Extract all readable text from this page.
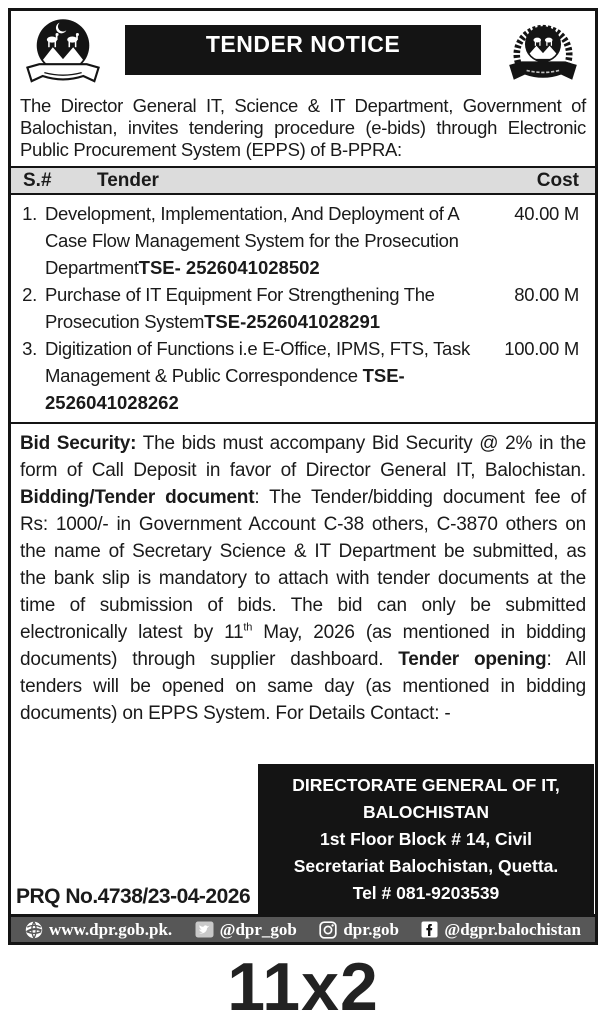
TENDER NOTICE

The Director General IT, Science & IT Department, Government of Balochistan, invites tendering procedure (e-bids) through Electronic Public Procurement System (EPPS) of B-PPRA:

S.#	Tender	Cost
1. Development, Implementation, And Deployment of A Case Flow Management System for the Prosecution DepartmentTSE- 2526041028502
40.00 M
2. Purchase of IT Equipment For Strengthening The Prosecution SystemTSE-2526041028291
80.00 M
3. Digitization of Functions i.e E-Office, IPMS, FTS, Task Management & Public Correspondence TSE-2526041028262
100.00 M

Bid Security: The bids must accompany Bid Security @ 2% in the form of Call Deposit in favor of Director General IT, Balochistan. Bidding/Tender document: The Tender/bidding document fee of Rs: 1000/- in Government Account C-38 others, C-3870 others on the name of Secretary Science & IT Department be submitted, as the bank slip is mandatory to attach with tender documents at the time of submission of bids. The bid can only be submitted electronically latest by 11th May, 2026 (as mentioned in bidding documents) through supplier dashboard. Tender opening: All tenders will be opened on same day (as mentioned in bidding documents) on EPPS System. For Details Contact: -

PRQ No.4738/23-04-2026
DIRECTORATE GENERAL OF IT,
BALOCHISTAN
1st Floor Block # 14, Civil
Secretariat Balochistan, Quetta.
Tel # 081-9203539
www.dpr.gob.pk.	@dpr_gob	dpr.gob	@dgpr.balochistan
11x2
